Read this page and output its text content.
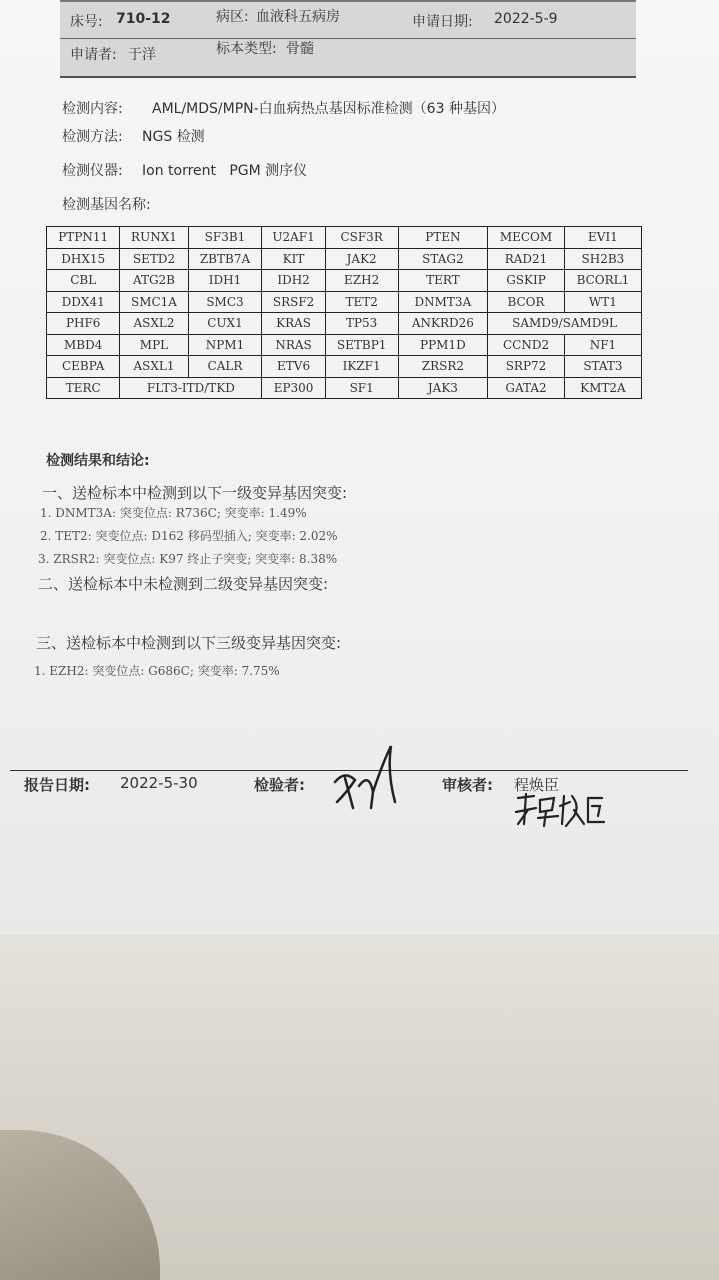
床号: 710-12	病区: 血液科五病房	申请日期: 2022-5-9
申请者: 于洋	标本类型: 骨髓
检测内容: AML/MDS/MPN-白血病热点基因标准检测（63 种基因）
检测方法: NGS 检测
检测仪器: Ion torrent   PGM 测序仪
检测基因名称:
PTPN11	RUNX1	SF3B1	U2AF1	CSF3R	PTEN	MECOM	EVI1
DHX15	SETD2	ZBTB7A	KIT	JAK2	STAG2	RAD21	SH2B3
CBL	ATG2B	IDH1	IDH2	EZH2	TERT	GSKIP	BCORL1
DDX41	SMC1A	SMC3	SRSF2	TET2	DNMT3A	BCOR	WT1
PHF6	ASXL2	CUX1	KRAS	TP53	ANKRD26	SAMD9/SAMD9L	
MBD4	MPL	NPM1	NRAS	SETBP1	PPM1D	CCND2	NF1
CEBPA	ASXL1	CALR	ETV6	IKZF1	ZRSR2	SRP72	STAT3
TERC	FLT3-ITD/TKD		EP300	SF1	JAK3	GATA2	KMT2A
检测结果和结论:
一、送检标本中检测到以下一级变异基因突变:
1. DNMT3A: 突变位点: R736C; 突变率: 1.49%
2. TET2: 突变位点: D162 移码型插入; 突变率: 2.02%
3. ZRSR2: 突变位点: K97 终止子突变; 突变率: 8.38%
二、送检标本中未检测到二级变异基因突变:
三、送检标本中检测到以下三级变异基因突变:
1. EZH2: 突变位点: G686C; 突变率: 7.75%
报告日期: 2022-5-30	检验者:	审核者: 程焕臣
